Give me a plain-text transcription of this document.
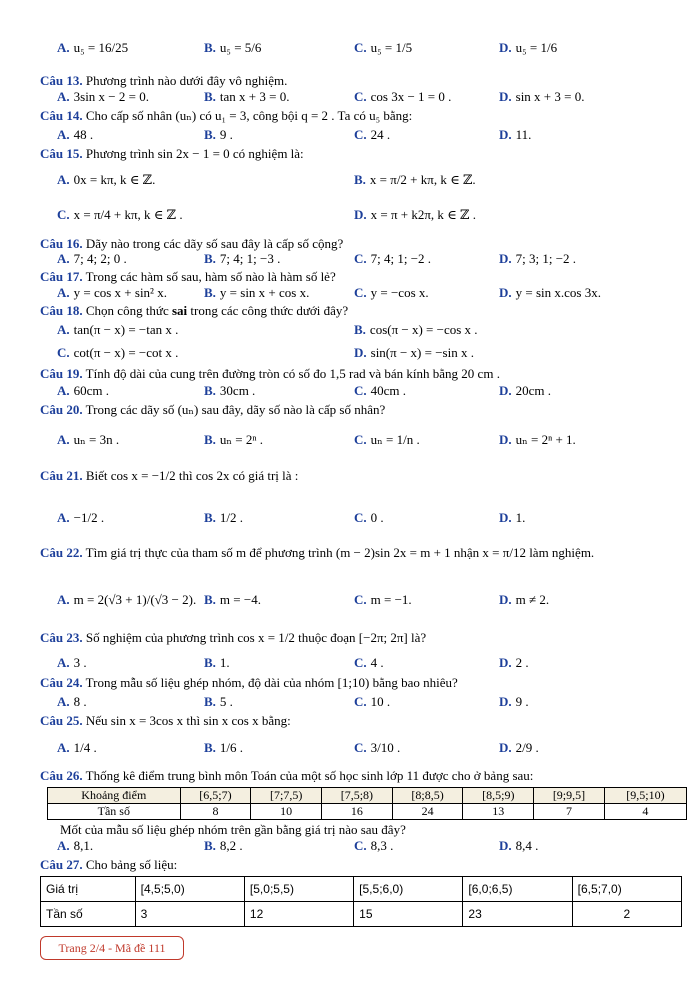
A. u₅ = 16/25	B. u₅ = 5/6	C. u₅ = 1/5	D. u₅ = 1/6
Câu 13. Phương trình nào dưới đây vô nghiệm.
A. 3sin x − 2 = 0.	B. tan x + 3 = 0.	C. cos 3x − 1 = 0 .	D. sin x + 3 = 0.
Câu 14. Cho cấp số nhân (uₙ) có u₁ = 3, công bội q = 2 . Ta có u₅ bằng:
A. 48 .	B. 9 .	C. 24 .	D. 11.
Câu 15. Phương trình sin 2x − 1 = 0 có nghiệm là:
A. 0x = kπ, k ∈ ℤ.	B. x = π/2 + kπ, k ∈ ℤ.
C. x = π/4 + kπ, k ∈ ℤ .	D. x = π + k2π, k ∈ ℤ .
Câu 16. Dãy nào trong các dãy số sau đây là cấp số cộng?
A. 7; 4; 2; 0 .	B. 7; 4; 1; −3 .	C. 7; 4; 1; −2 .	D. 7; 3; 1; −2 .
Câu 17. Trong các hàm số sau, hàm số nào là hàm số lẻ?
A. y = cos x + sin² x.	B. y = sin x + cos x.	C. y = −cos x.	D. y = sin x.cos 3x.
Câu 18. Chọn công thức sai trong các công thức dưới đây?
A. tan(π − x) = −tan x .	B. cos(π − x) = −cos x .
C. cot(π − x) = −cot x .	D. sin(π − x) = −sin x .
Câu 19. Tính độ dài của cung trên đường tròn có số đo 1,5 rad và bán kính bằng 20 cm .
A. 60cm .	B. 30cm .	C. 40cm .	D. 20cm .
Câu 20. Trong các dãy số (uₙ) sau đây, dãy số nào là cấp số nhân?
A. uₙ = 3n .	B. uₙ = 2ⁿ .	C. uₙ = 1/n .	D. uₙ = 2ⁿ + 1.
Câu 21. Biết cos x = −1/2 thì cos 2x có giá trị là :
A. −1/2 .	B. 1/2 .	C. 0 .	D. 1.
Câu 22. Tìm giá trị thực của tham số m để phương trình (m − 2)sin 2x = m + 1 nhận x = π/12 làm nghiệm.
A. m = 2(√3 + 1)/(√3 − 2). B. m = −4.	C. m = −1.	D. m ≠ 2.
Câu 23. Số nghiệm của phương trình cos x = 1/2 thuộc đoạn [−2π; 2π] là?
A. 3 .	B. 1.	C. 4 .	D. 2 .
Câu 24. Trong mẫu số liệu ghép nhóm, độ dài của nhóm [1;10) bằng bao nhiêu?
A. 8 .	B. 5 .	C. 10 .	D. 9 .
Câu 25. Nếu sin x = 3cos x thì sin x cos x bằng:
A. 1/4 .	B. 1/6 .	C. 3/10 .	D. 2/9 .
Câu 26. Thống kê điểm trung bình môn Toán của một số học sinh lớp 11 được cho ở bảng sau:
Khoảng điểm	[6,5;7)	[7;7,5)	[7,5;8)	[8;8,5)	[8,5;9)	[9;9,5]	[9,5;10)
Tần số	8	10	16	24	13	7	4
Mốt của mẫu số liệu ghép nhóm trên gần bằng giá trị nào sau đây?
A. 8,1.	B. 8,2 .	C. 8,3 .	D. 8,4 .
Câu 27. Cho bảng số liệu:
Giá trị	[4,5;5,0)	[5,0;5,5)	[5,5;6,0)	[6,0;6,5)	[6,5;7,0)
Tần số	3	12	15	23	2
Trang 2/4 - Mã đề 111
